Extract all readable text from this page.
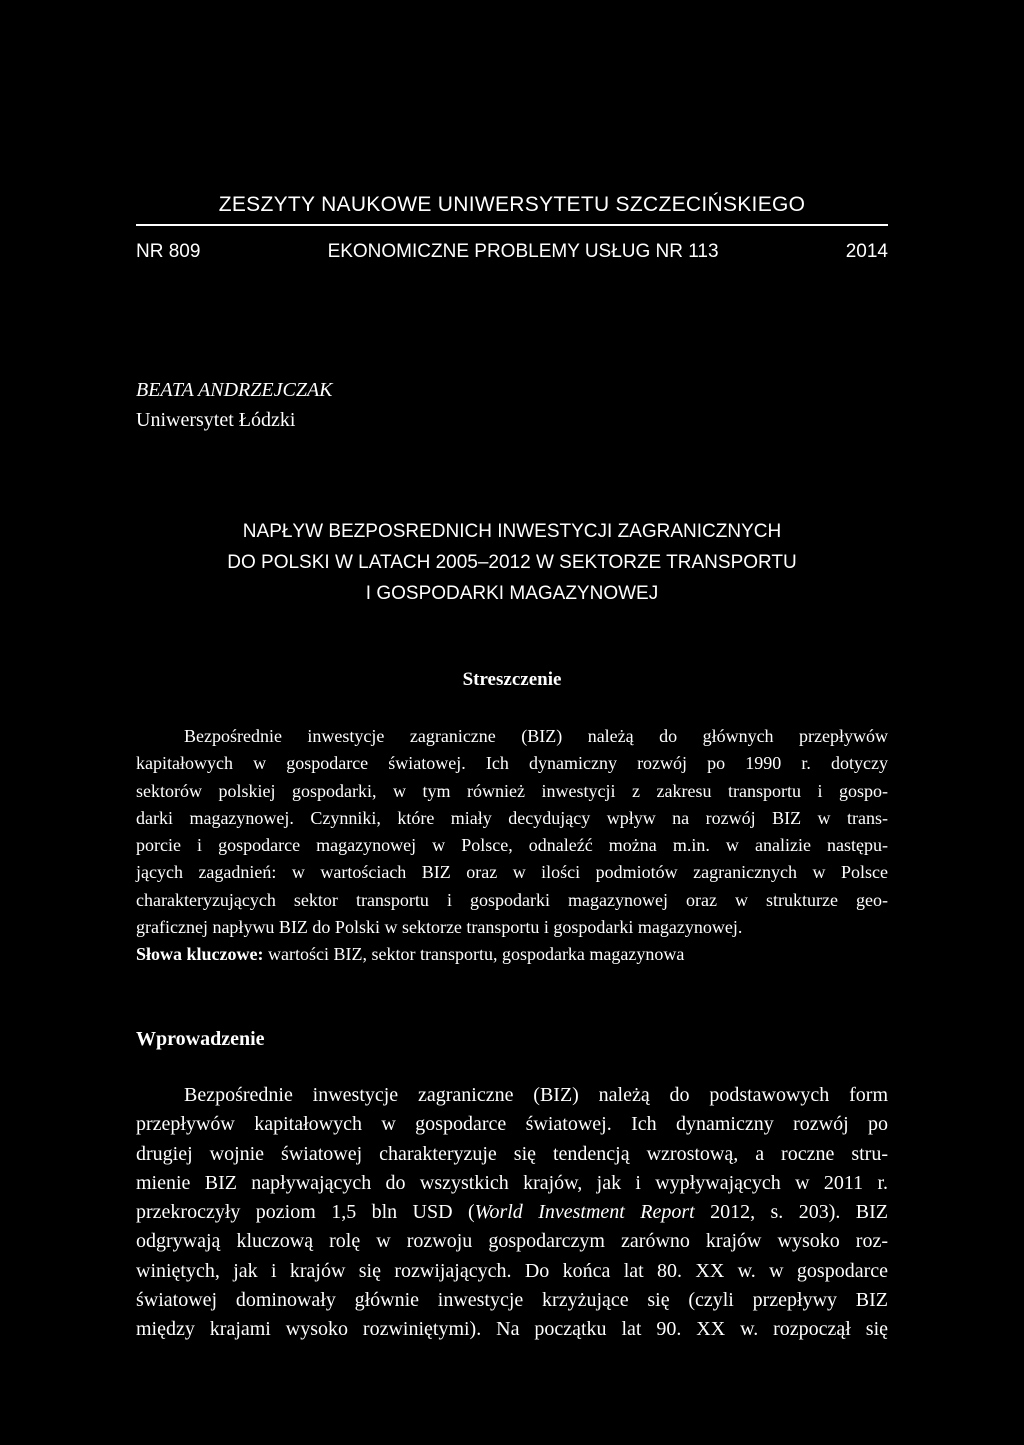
ZESZYTY NAUKOWE UNIWERSYTETU SZCZECIŃSKIEGO
NR 809	EKONOMICZNE PROBLEMY USŁUG NR 113	2014
BEATA ANDRZEJCZAK
Uniwersytet Łódzki
NAPŁYW BEZPOSREDNICH INWESTYCJI ZAGRANICZNYCH
DO POLSKI W LATACH 2005–2012 W SEKTORZE TRANSPORTU
I GOSPODARKI MAGAZYNOWEJ
Streszczenie
Bezpośrednie inwestycje zagraniczne (BIZ) należą do głównych przepływów
kapitałowych w gospodarce światowej. Ich dynamiczny rozwój po 1990 r. dotyczy
sektorów polskiej gospodarki, w tym również inwestycji z zakresu transportu i gospo-
darki magazynowej. Czynniki, które miały decydujący wpływ na rozwój BIZ w trans-
porcie i gospodarce magazynowej w Polsce, odnaleźć można m.in. w analizie następu-
jących zagadnień: w wartościach BIZ oraz w ilości podmiotów zagranicznych w Polsce
charakteryzujących sektor transportu i gospodarki magazynowej oraz w strukturze geo-
graficznej napływu BIZ do Polski w sektorze transportu i gospodarki magazynowej.
Słowa kluczowe: wartości BIZ, sektor transportu, gospodarka magazynowa
Wprowadzenie
Bezpośrednie inwestycje zagraniczne (BIZ) należą do podstawowych form
przepływów kapitałowych w gospodarce światowej. Ich dynamiczny rozwój po
drugiej wojnie światowej charakteryzuje się tendencją wzrostową, a roczne stru-
mienie BIZ napływających do wszystkich krajów, jak i wypływających w 2011 r.
przekroczyły poziom 1,5 bln USD (World Investment Report 2012, s. 203). BIZ
odgrywają kluczową rolę w rozwoju gospodarczym zarówno krajów wysoko roz-
winiętych, jak i krajów się rozwijających. Do końca lat 80. XX w. w gospodarce
światowej dominowały głównie inwestycje krzyżujące się (czyli przepływy BIZ
między krajami wysoko rozwiniętymi). Na początku lat 90. XX w. rozpoczął się
